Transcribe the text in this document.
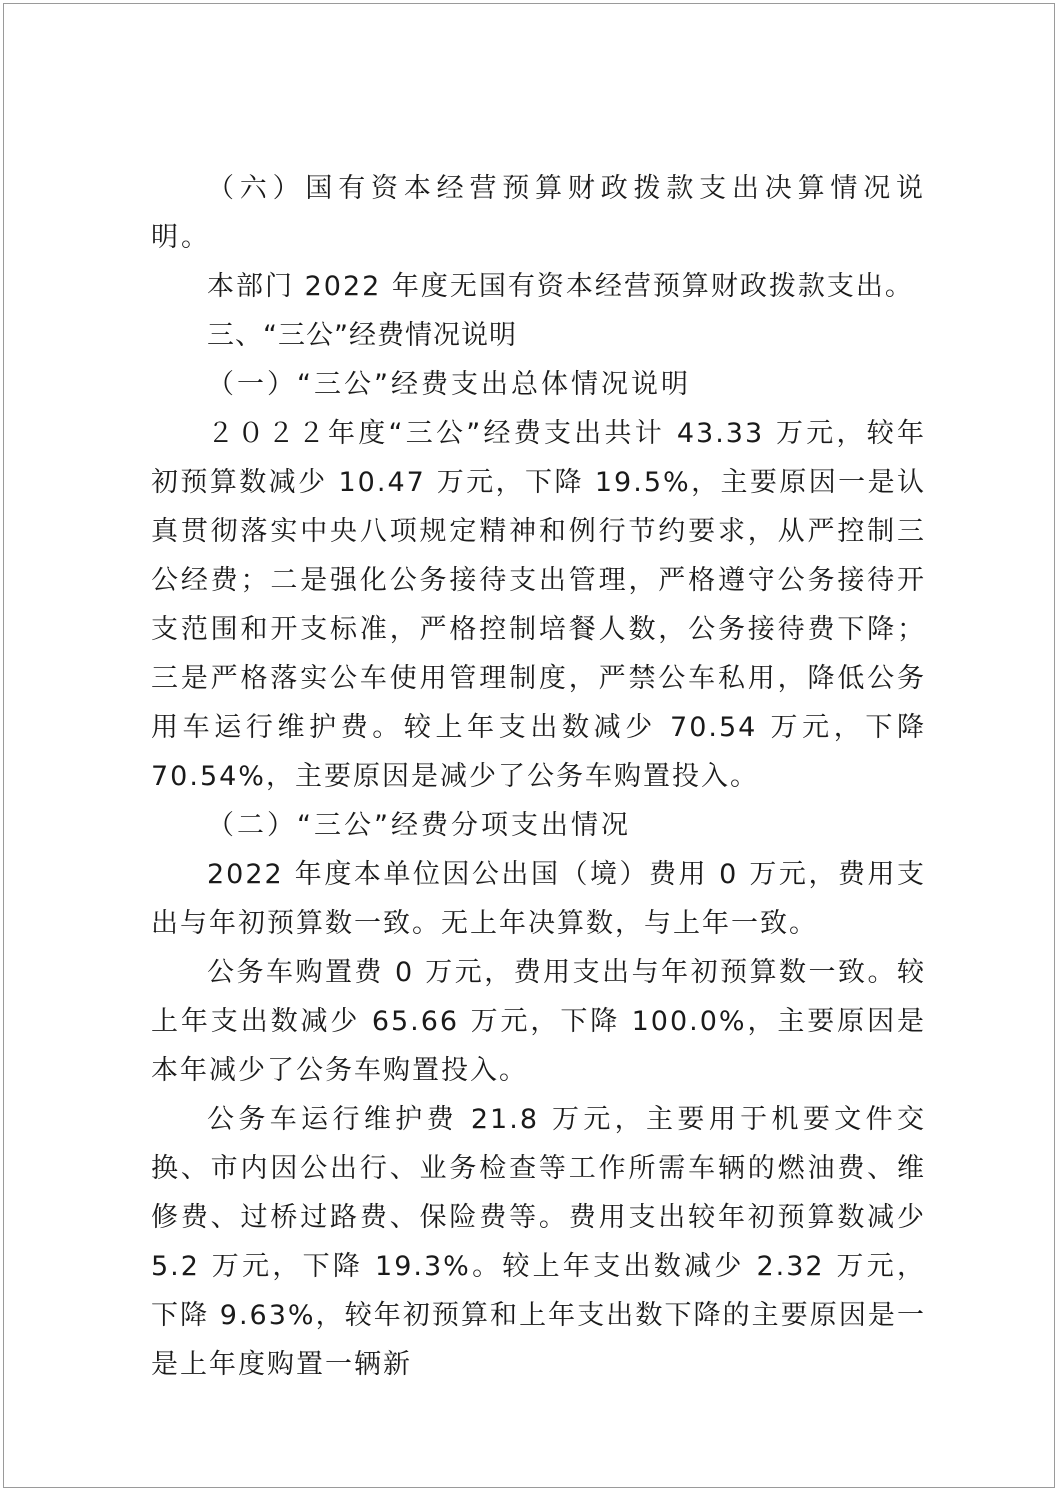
（六）国有资本经营预算财政拨款支出决算情况说明。

本部门 2022 年度无国有资本经营预算财政拨款支出。

三、“三公”经费情况说明

（一）“三公”经费支出总体情况说明

２０２２年度“三公”经费支出共计 43.33 万元，较年初预算数减少 10.47 万元，下降 19.5%，主要原因一是认真贯彻落实中央八项规定精神和例行节约要求，从严控制三公经费；二是强化公务接待支出管理，严格遵守公务接待开支范围和开支标准，严格控制培餐人数，公务接待费下降；三是严格落实公车使用管理制度，严禁公车私用，降低公务用车运行维护费。较上年支出数减少 70.54 万元，下降 70.54%，主要原因是减少了公务车购置投入。

（二）“三公”经费分项支出情况

2022 年度本单位因公出国（境）费用 0 万元，费用支出与年初预算数一致。无上年决算数，与上年一致。

公务车购置费 0 万元，费用支出与年初预算数一致。较上年支出数减少 65.66 万元，下降 100.0%，主要原因是本年减少了公务车购置投入。

公务车运行维护费 21.8 万元，主要用于机要文件交换、市内因公出行、业务检查等工作所需车辆的燃油费、维修费、过桥过路费、保险费等。费用支出较年初预算数减少 5.2 万元，下降 19.3%。较上年支出数减少 2.32 万元，下降 9.63%，较年初预算和上年支出数下降的主要原因是一是上年度购置一辆新
